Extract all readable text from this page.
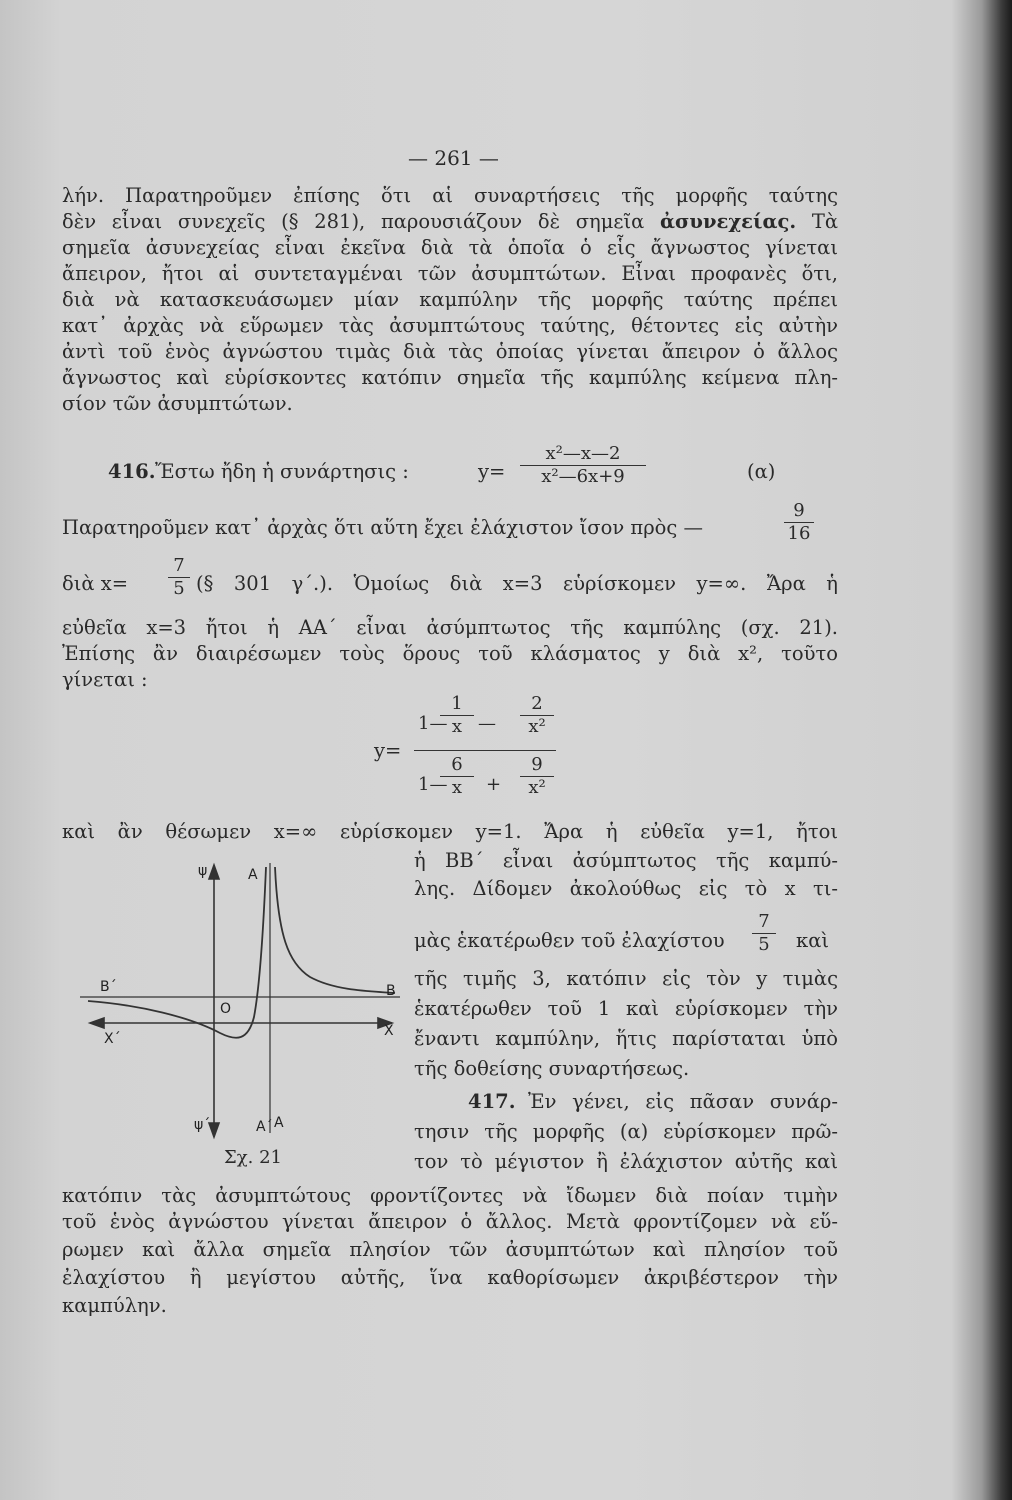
— 261 —
λήν. Παρατηροῦμεν ἐπίσης ὅτι αἱ συναρτήσεις τῆς μορφῆς ταύτης
δὲν εἶναι συνεχεῖς (§ 281), παρουσιάζουν δὲ σημεῖα ἀσυνεχείας. Τὰ
σημεῖα ἀσυνεχείας εἶναι ἐκεῖνα διὰ τὰ ὁποῖα ὁ εἷς ἄγνωστος γίνεται
ἄπειρον, ἤτοι αἱ συντεταγμέναι τῶν ἀσυμπτώτων. Εἶναι προφανὲς ὅτι,
διὰ νὰ κατασκευάσωμεν μίαν καμπύλην τῆς μορφῆς ταύτης πρέπει
κατ᾿ ἀρχὰς νὰ εὕρωμεν τὰς ἀσυμπτώτους ταύτης, θέτοντες εἰς αὐτὴν
ἀντὶ τοῦ ἑνὸς ἀγνώστου τιμὰς διὰ τὰς ὁποίας γίνεται ἄπειρον ὁ ἄλλος
ἄγνωστος καὶ εὑρίσκοντες κατόπιν σημεῖα τῆς καμπύλης κείμενα πλη-
σίον τῶν ἀσυμπτώτων.
416. Ἔστω ἤδη ἡ συνάρτησις :	$y= \frac{\text{x²—x—2}}{\text{x²—6x+9}}$	(α)
Παρατηροῦμεν κατ᾿ ἀρχὰς ὅτι αὕτη ἔχει ἐλάχιστον ἴσον πρὸς —	$\frac{9}{16}$
διὰ $x= \frac{7}{5}$ (§ 301 γ΄.). Ὁμοίως διὰ x=3 εὑρίσκομεν y=∞. Ἄρα ἡ
εὐθεῖα x=3 ἤτοι ἡ ΑΑ΄ εἶναι ἀσύμπτωτος τῆς καμπύλης (σχ. 21).
Ἐπίσης ἂν διαιρέσωμεν τοὺς ὅρους τοῦ κλάσματος y διὰ x², τοῦτο
γίνεται :
y=
1—
$\frac{1}{x}$ — $\frac{2}{\text{x²}}$
1—
$\frac{6}{x} + \frac{9}{\text{x²}}$
καὶ ἂν θέσωμεν x=∞ εὑρίσκομεν y=1. Ἄρα ἡ εὐθεῖα y=1, ἤτοι
ψ	A
B΄	B
O
X΄	X
ψ΄	A΄ A
Σχ. 21
ἡ ΒΒ΄ εἶναι ἀσύμπτωτος τῆς καμπύ-
λης. Δίδομεν ἀκολούθως εἰς τὸ x τι-
μὰς ἑκατέρωθεν τοῦ ἐλαχίστου $\frac{7}{5}$ καὶ
τῆς τιμῆς 3, κατόπιν εἰς τὸν y τιμὰς
ἑκατέρωθεν τοῦ 1 καὶ εὑρίσκομεν τὴν
ἔναντι καμπύλην, ἥτις παρίσταται ὑπὸ
τῆς δοθείσης συναρτήσεως.
417. Ἐν γένει, εἰς πᾶσαν συνάρ-
τησιν τῆς μορφῆς (α) εὑρίσκομεν πρῶ-
τον τὸ μέγιστον ἢ ἐλάχιστον αὐτῆς καὶ
κατόπιν τὰς ἀσυμπτώτους φροντίζοντες νὰ ἴδωμεν διὰ ποίαν τιμὴν
τοῦ ἑνὸς ἀγνώστου γίνεται ἄπειρον ὁ ἄλλος. Μετὰ φροντίζομεν νὰ εὕ-
ρωμεν καὶ ἄλλα σημεῖα πλησίον τῶν ἀσυμπτώτων καὶ πλησίον τοῦ
ἐλαχίστου ἢ μεγίστου αὐτῆς, ἵνα καθορίσωμεν ἀκριβέστερον τὴν
καμπύλην.
